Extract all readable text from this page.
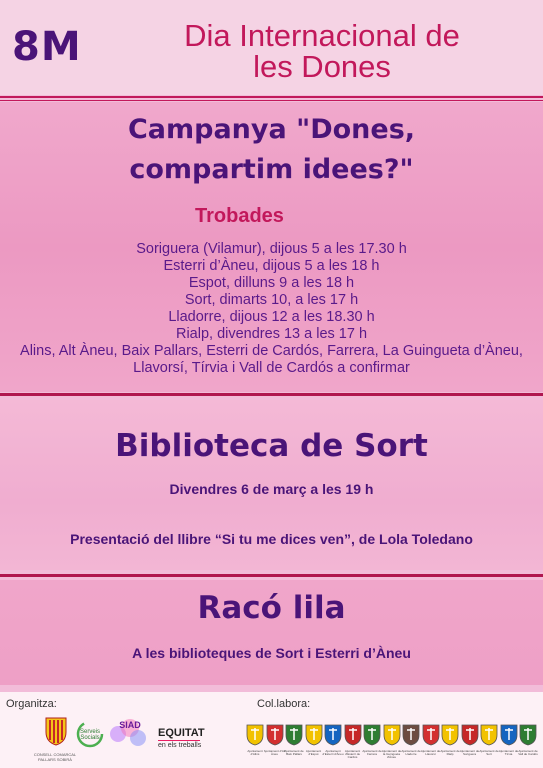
8M	Dia Internacional de
les Dones
Campanya "Dones,
compartim idees?"
Trobades
Soriguera (Vilamur), dijous 5 a les 17.30 h
Esterri d’Àneu, dijous 5 a les 18 h
Espot, dilluns 9 a les 18 h
Sort, dimarts 10, a les 17 h
Lladorre, dijous 12 a les 18.30 h
Rialp, divendres 13 a les 17 h
Alins, Alt Àneu, Baix Pallars, Esterri de Cardós, Farrera, La Guingueta d’Àneu, Llavorsí, Tírvia i Vall de Cardós a confirmar
Biblioteca de Sort
Divendres 6 de març a les 19 h
Presentació del llibre “Si tu me dices ven”, de Lola Toledano
Racó lila
A les biblioteques de Sort i Esterri d’Àneu
Organitza:	Col.labora:
CONSELL COMARCAL PALLARS SOBIRÀ
Serveis Socials
SIAD
EQUITAT
en els treballs
Ajuntament d'Alins
Ajuntament d'Alt Àneu
Ajuntament de Baix Pallars
Ajuntament d'Espot
Ajuntament d'Esterri d'Àneu
Ajuntament d'Esterri de Cardós
Ajuntament de Farrera
Ajuntament de la Guingueta d'Àneu
Ajuntament de Lladorre
Ajuntament de Llavorsí
Ajuntament de Rialp
Ajuntament de Soriguera
Ajuntament de Sort
Ajuntament de Tírvia
Ajuntament de Vall de Cardós
